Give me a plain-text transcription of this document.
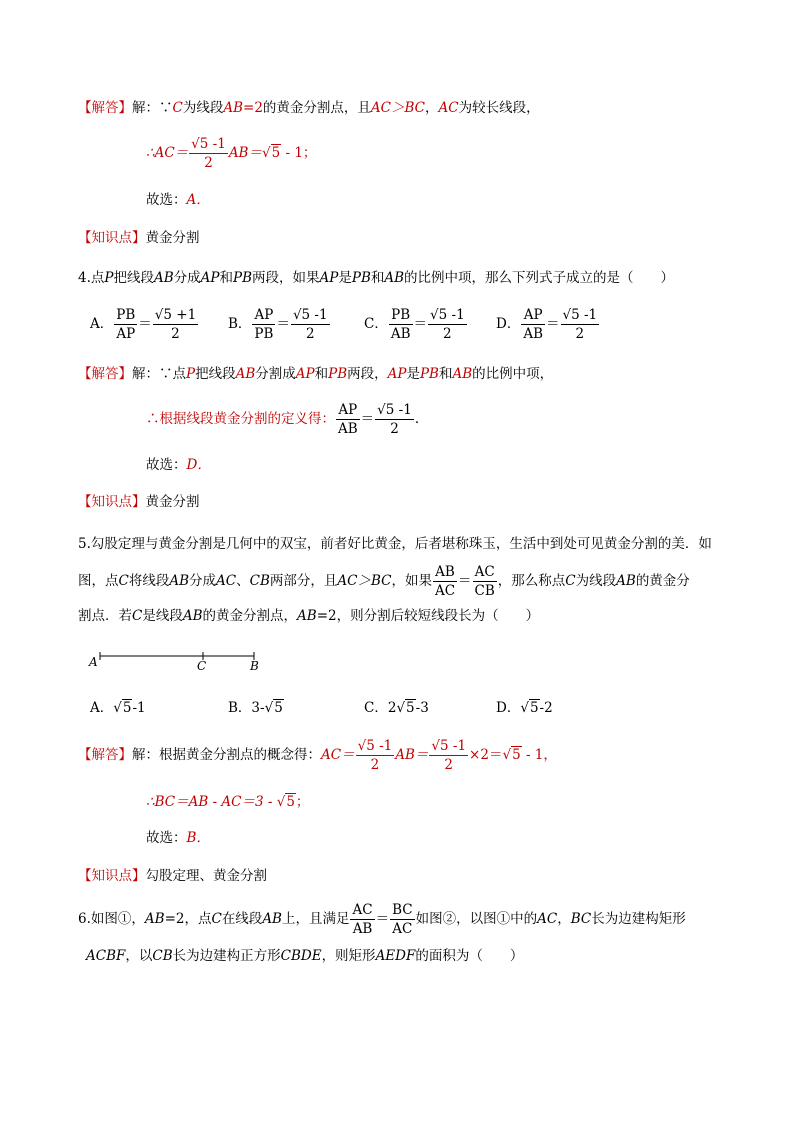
【解答】解：∵C为线段AB=2的黄金分割点，且AC＞BC，AC为较长线段，
∴AC＝ $\frac{√5 -1}{2} AB=√5 - 1$；
故选：A．
【知识点】黄金分割
4.点P把线段AB分成AP和PB两段，如果AP是PB和AB的比例中项，那么下列式子成立的是（　　）
A． $\frac{PB}{AP} = \frac{√5 +1}{2}$ B． $\frac{AP}{PB} = \frac{√5 -1}{2}$	C． $\frac{PB}{AB} = \frac{√5 -1}{2}$ D． $\frac{AP}{AB} = \frac{√5 -1}{2}$
【解答】解：∵点P把线段AB分割成AP和PB两段，AP是PB和AB的比例中项，
∴根据线段黄金分割的定义得： $\frac{AP}{AB} = \frac{√5 -1}{2}$ ．
故选：D．
【知识点】黄金分割
5.勾股定理与黄金分割是几何中的双宝，前者好比黄金，后者堪称珠玉，生活中到处可见黄金分割的美．如
图，点C将线段AB分成AC、CB两部分，且AC＞BC，如果 $\frac{AB}{AC} = \frac{AC}{CB}$ ，那么称点C为线段AB的黄金分
割点．若C是线段AB的黄金分割点，AB=2，则分割后较短线段长为（　　）
A	C	B
A．√5-1	B．3-√5	C．2√5-3	D．√5-2
【解答】解：根据黄金分割点的概念得：$AC= \frac{√5 -1}{2} AB= \frac{√5 -1}{2} \times 2=√5 - 1$，
∴BC＝AB - AC＝3 - √5；
故选：B．
【知识点】勾股定理、黄金分割
6.如图①，AB=2，点C在线段AB上，且满足 $\frac{AC}{AB} = \frac{BC}{AC}$ 如图②，以图①中的AC，BC长为边建构矩形
ACBF，以CB长为边建构正方形CBDE，则矩形AEDF的面积为（　　）
